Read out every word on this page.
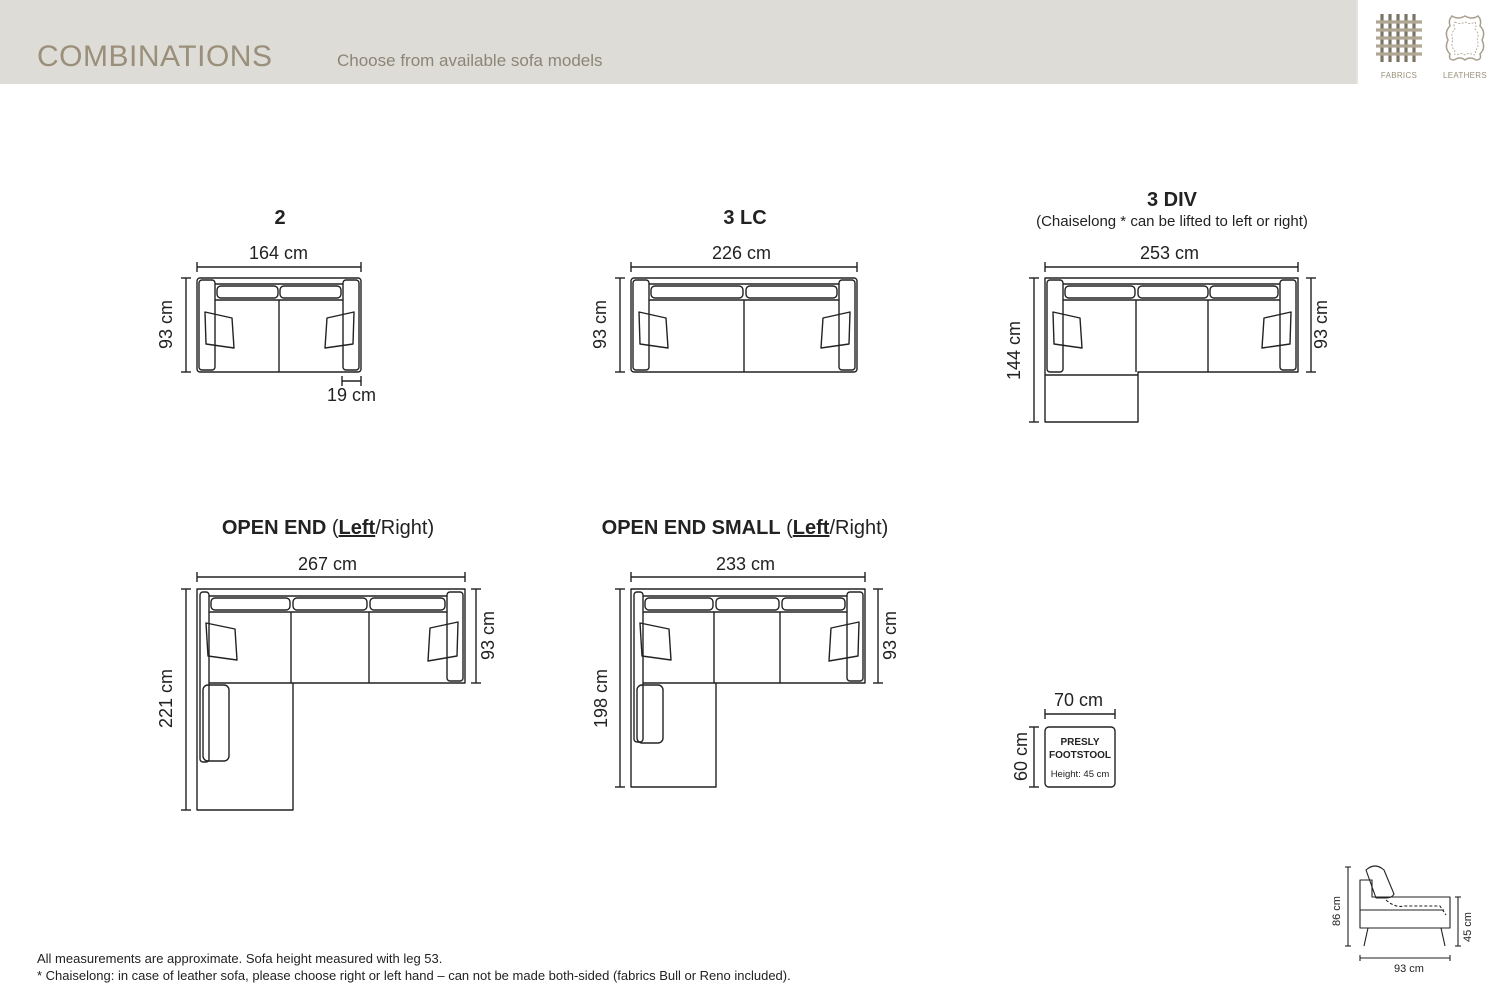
COMBINATIONS	Choose from available sofa models
FABRICS	LEATHERS
2	3 LC
3 DIV
(Chaiselong * can be lifted to left or right)
OPEN END (Left/Right)	OPEN END SMALL (Left/Right)
164 cm
93 cm
19 cm
226 cm
93 cm
253 cm
144 cm	93 cm
267 cm
221 cm
93 cm
233 cm
198 cm
93 cm
70 cm
60 cm	PRESLY
FOOTSTOOL
Height: 45 cm
86 cm
45 cm
93 cm
All measurements are approximate. Sofa height measured with leg 53.
* Chaiselong: in case of leather sofa, please choose right or left hand – can not be made both-sided (fabrics Bull or Reno included).
